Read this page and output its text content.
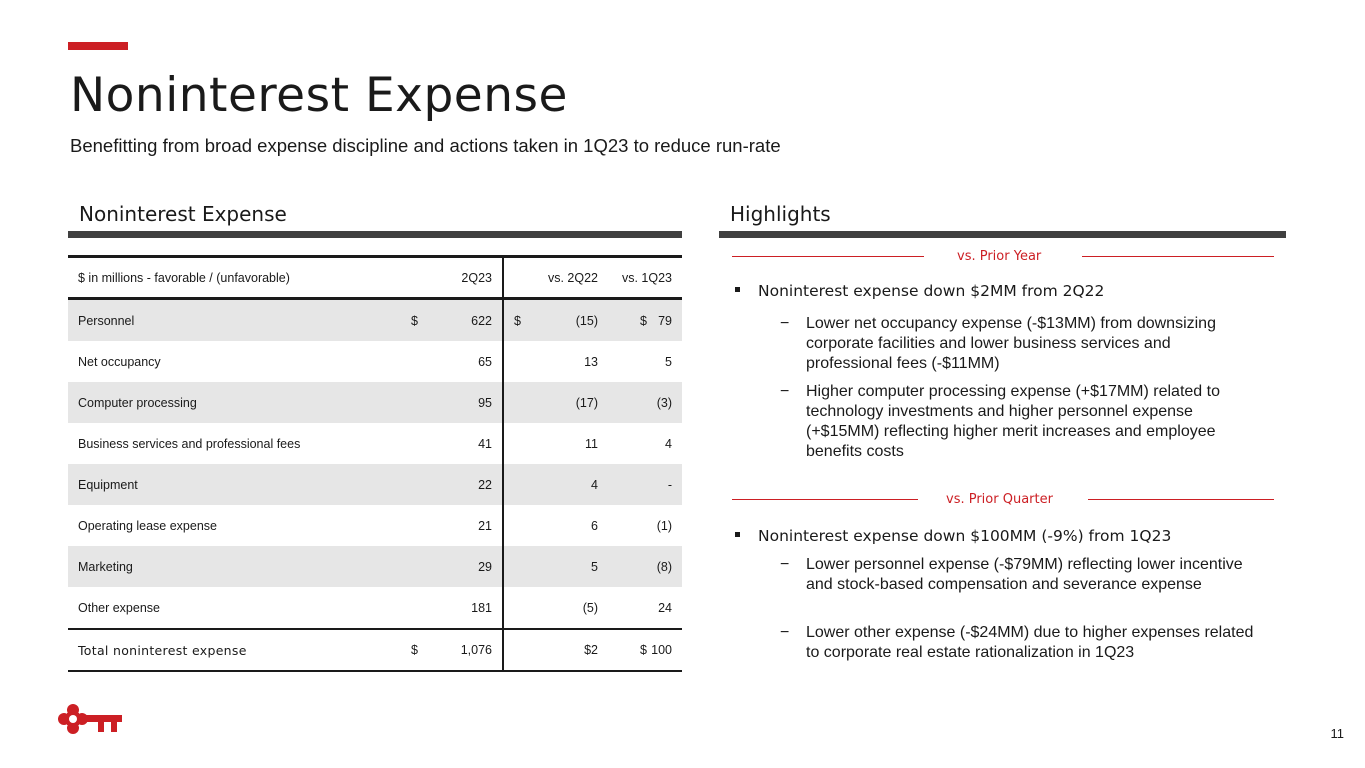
Noninterest Expense
Benefitting from broad expense discipline and actions taken in 1Q23 to reduce run-rate
Noninterest Expense
$ in millions - favorable / (unfavorable)	2Q23		vs. 2Q22	vs. 1Q23
Personnel	$	622	$ (15)	$ 79

Net occupancy		65	13	5
Computer processing		95	(17)	(3)
Business services and professional fees		41	11	4
Equipment		22	4	-
Operating lease expense		21	6	(1)
Marketing		29	5	(8)
Other expense		181	(5)	24
Total noninterest expense	$	1,076	$2	$ 100
Highlights
vs. Prior Year
Noninterest expense down $2MM from 2Q22
− Lower net occupancy expense (-$13MM) from downsizing corporate facilities and lower business services and professional fees (-$11MM)
− Higher computer processing expense (+$17MM) related to technology investments and higher personnel expense (+$15MM) reflecting higher merit increases and employee benefits costs
vs. Prior Quarter
Noninterest expense down $100MM (-9%) from 1Q23
− Lower personnel expense (-$79MM) reflecting lower incentive and stock-based compensation and severance expense
− Lower other expense (-$24MM) due to higher expenses related to corporate real estate rationalization in 1Q23
11
